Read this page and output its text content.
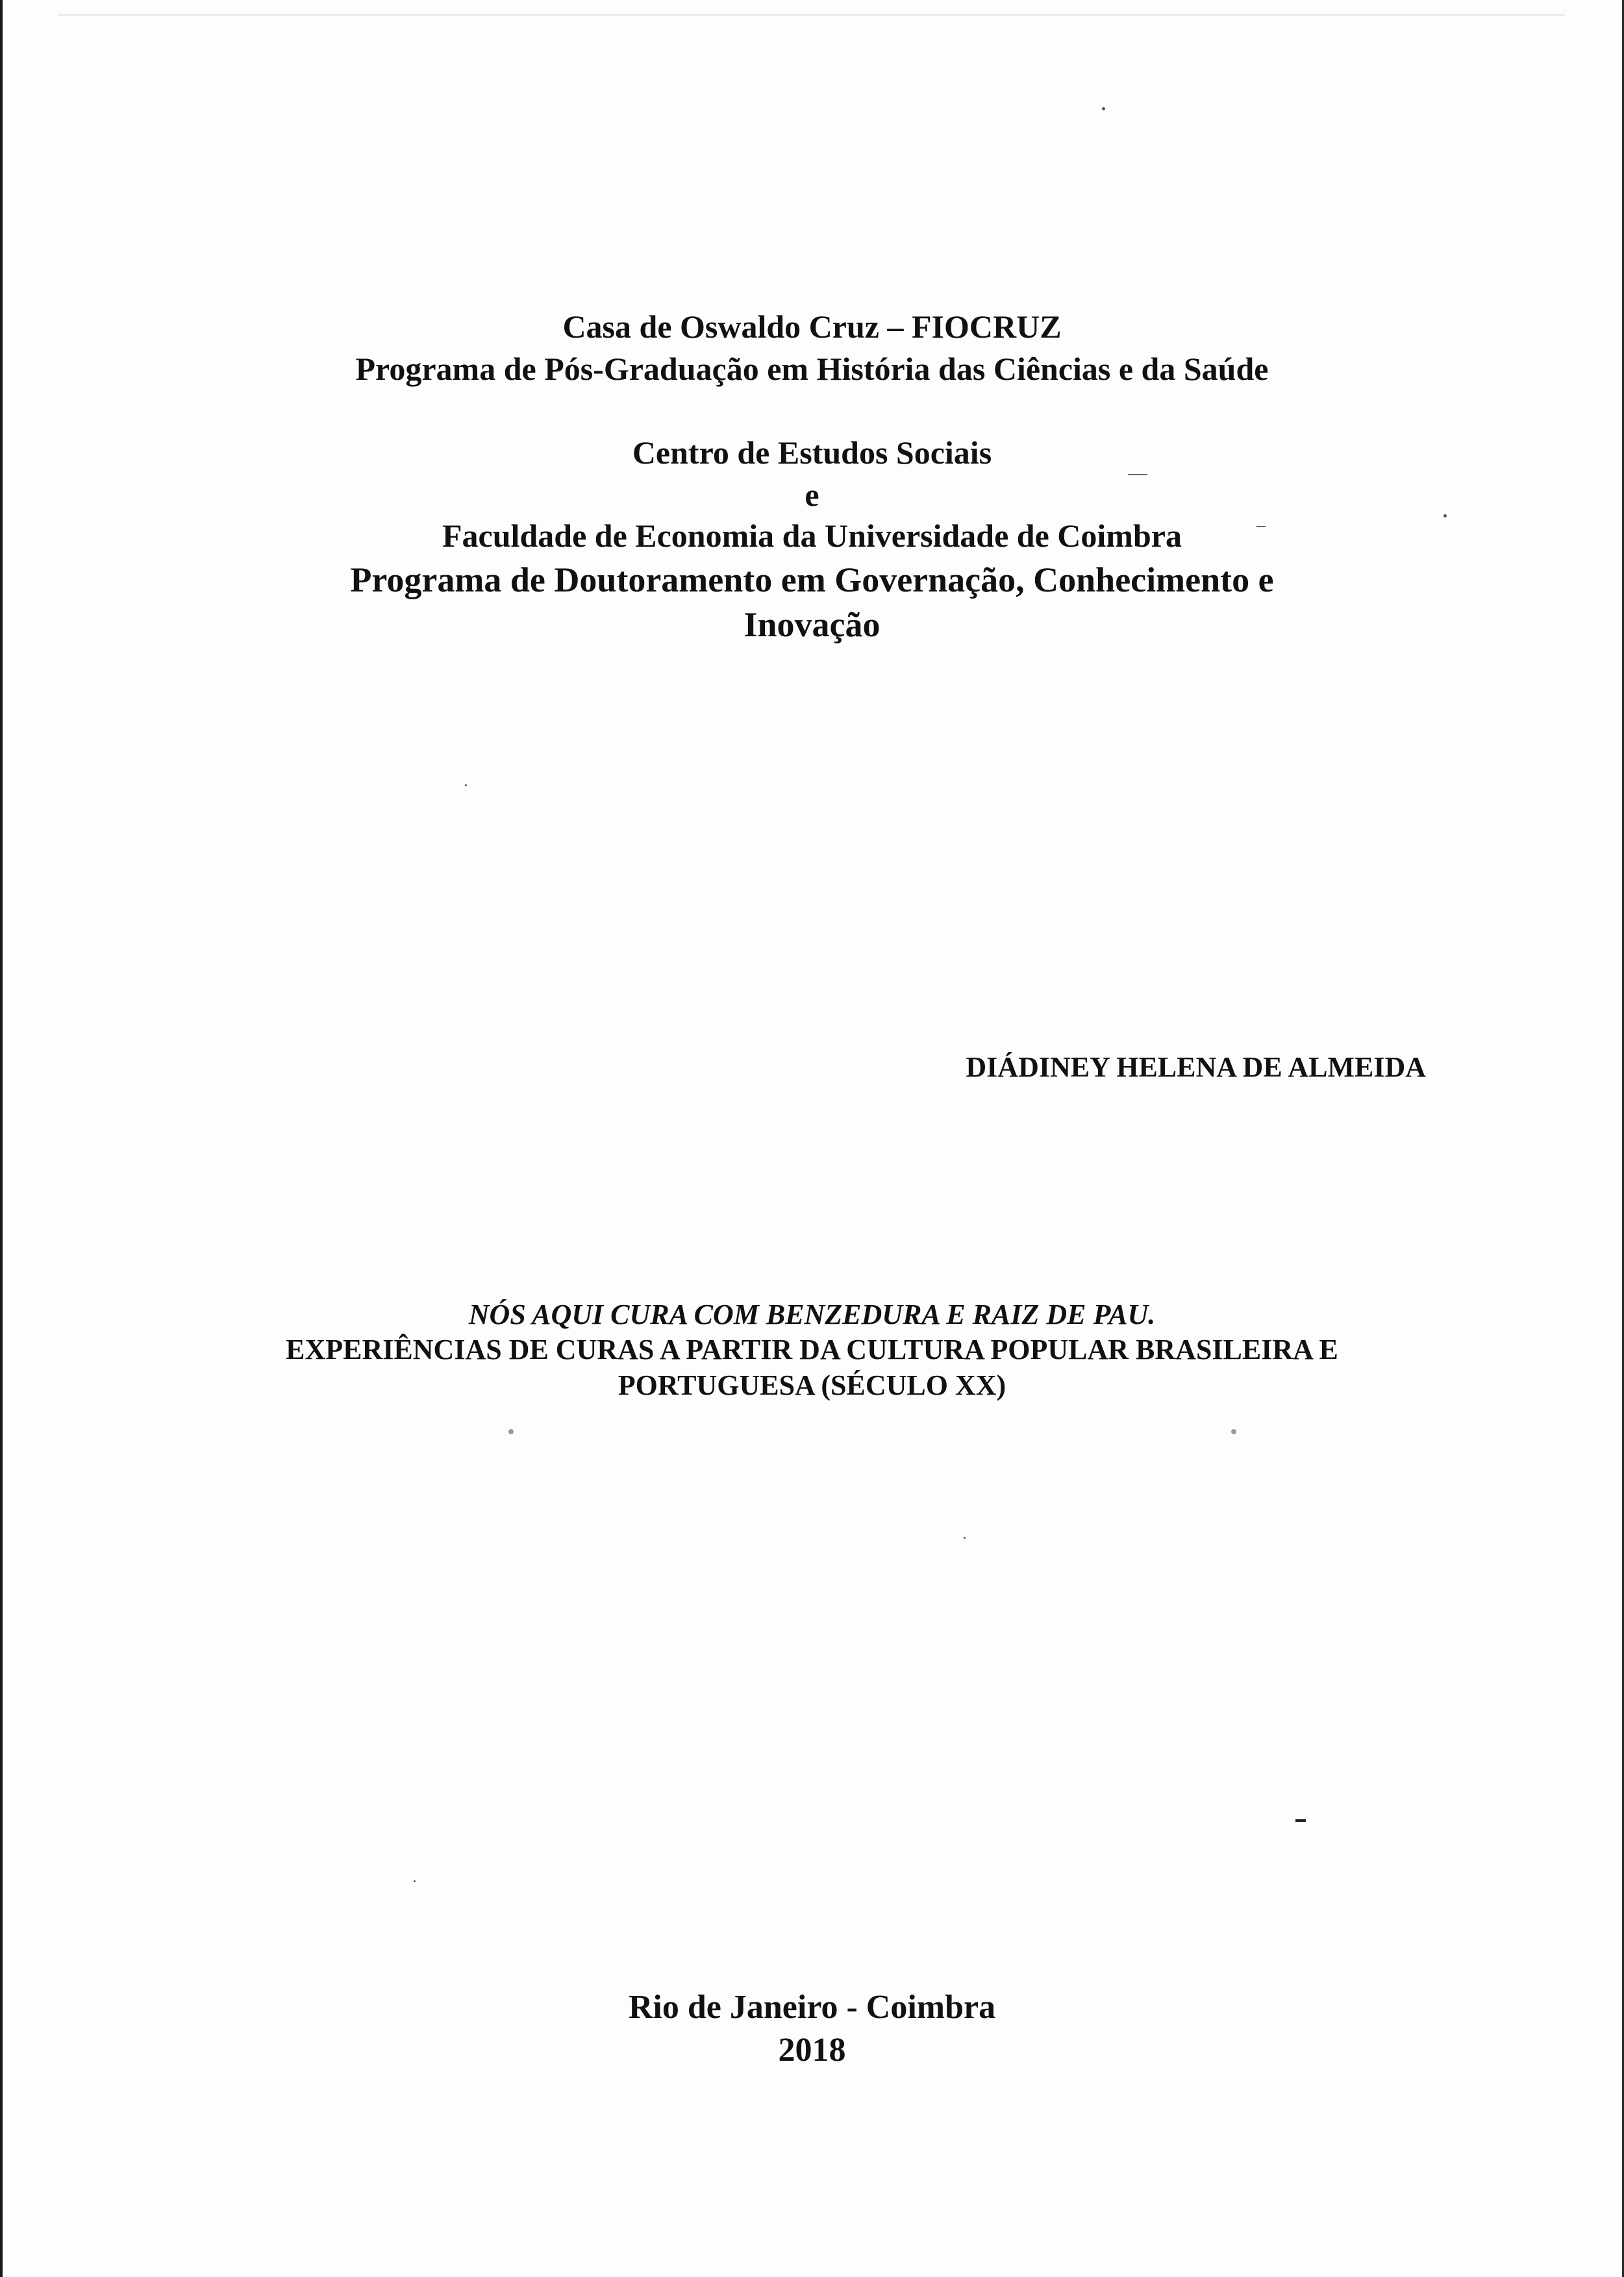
Casa de Oswaldo Cruz – FIOCRUZ
Programa de Pós-Graduação em História das Ciências e da Saúde
Centro de Estudos Sociais
e
Faculdade de Economia da Universidade de Coimbra
Programa de Doutoramento em Governação, Conhecimento e
Inovação
DIÁDINEY HELENA DE ALMEIDA
NÓS AQUI CURA COM BENZEDURA E RAIZ DE PAU.
EXPERIÊNCIAS DE CURAS A PARTIR DA CULTURA POPULAR BRASILEIRA E
PORTUGUESA (SÉCULO XX)
Rio de Janeiro - Coimbra
2018
